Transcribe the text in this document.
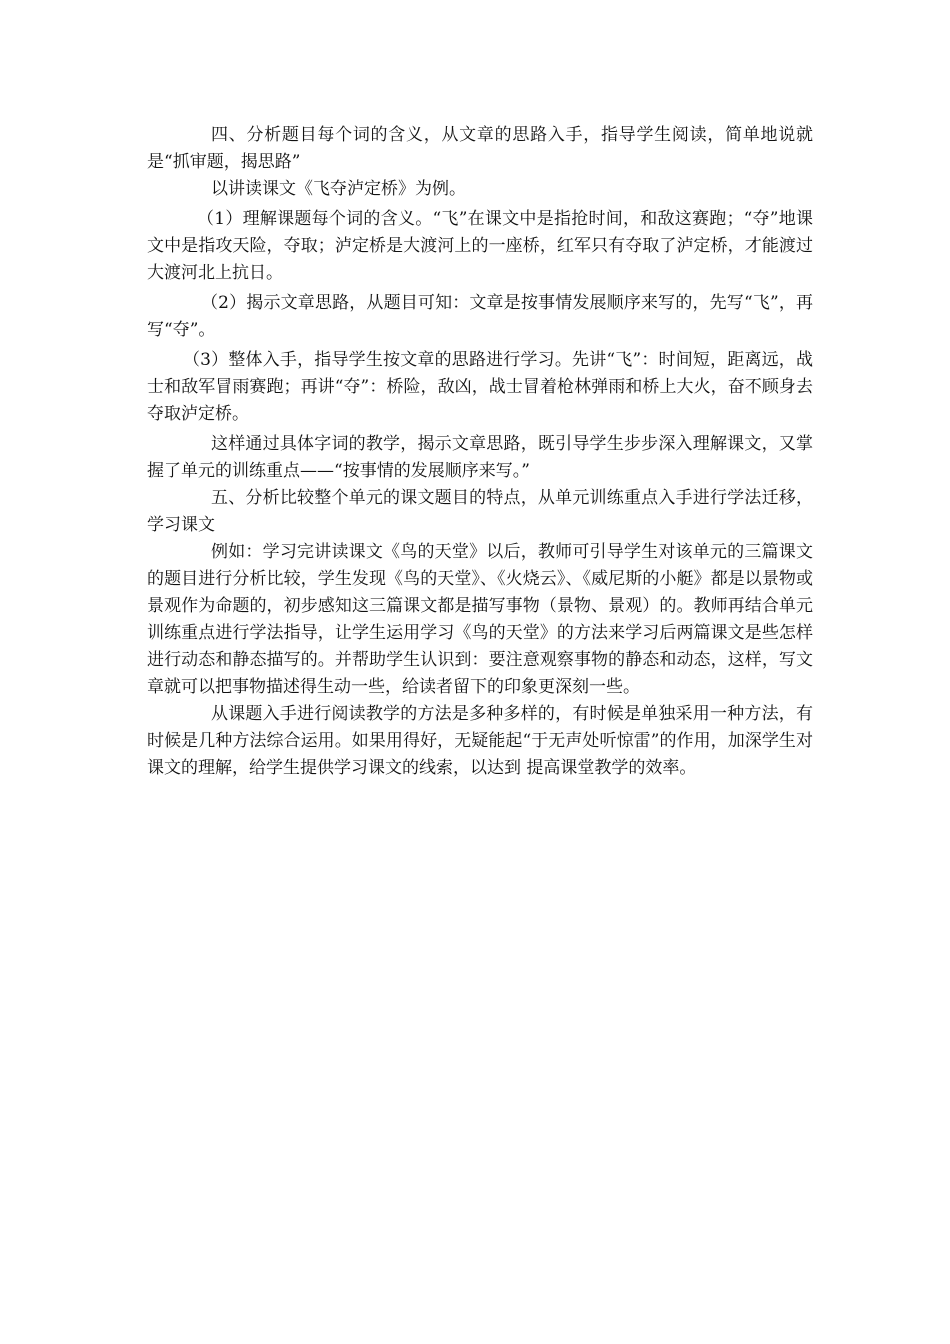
四、分析题目每个词的含义，从文章的思路入手，指导学生阅读，简单地说就是“抓审题，揭思路”

以讲读课文《飞夺泸定桥》为例。

（1）理解课题每个词的含义。“飞”在课文中是指抢时间，和敌这赛跑；“夺”地课文中是指攻天险，夺取；泸定桥是大渡河上的一座桥，红军只有夺取了泸定桥，才能渡过大渡河北上抗日。

（2）揭示文章思路，从题目可知：文章是按事情发展顺序来写的，先写“飞”，再写“夺”。

（3）整体入手，指导学生按文章的思路进行学习。先讲“飞”：时间短，距离远，战士和敌军冒雨赛跑；再讲“夺”：桥险，敌凶，战士冒着枪林弹雨和桥上大火，奋不顾身去夺取泸定桥。

这样通过具体字词的教学，揭示文章思路，既引导学生步步深入理解课文，又掌握了单元的训练重点——“按事情的发展顺序来写。”

五、分析比较整个单元的课文题目的特点，从单元训练重点入手进行学法迁移，学习课文

例如：学习完讲读课文《鸟的天堂》以后，教师可引导学生对该单元的三篇课文的题目进行分析比较，学生发现《鸟的天堂》、《火烧云》、《威尼斯的小艇》都是以景物或景观作为命题的，初步感知这三篇课文都是描写事物（景物、景观）的。教师再结合单元训练重点进行学法指导，让学生运用学习《鸟的天堂》的方法来学习后两篇课文是些怎样进行动态和静态描写的。并帮助学生认识到：要注意观察事物的静态和动态，这样，写文章就可以把事物描述得生动一些，给读者留下的印象更深刻一些。

从课题入手进行阅读教学的方法是多种多样的，有时候是单独采用一种方法，有时候是几种方法综合运用。如果用得好，无疑能起“于无声处听惊雷”的作用，加深学生对课文的理解，给学生提供学习课文的线索，以达到 提高课堂教学的效率。
